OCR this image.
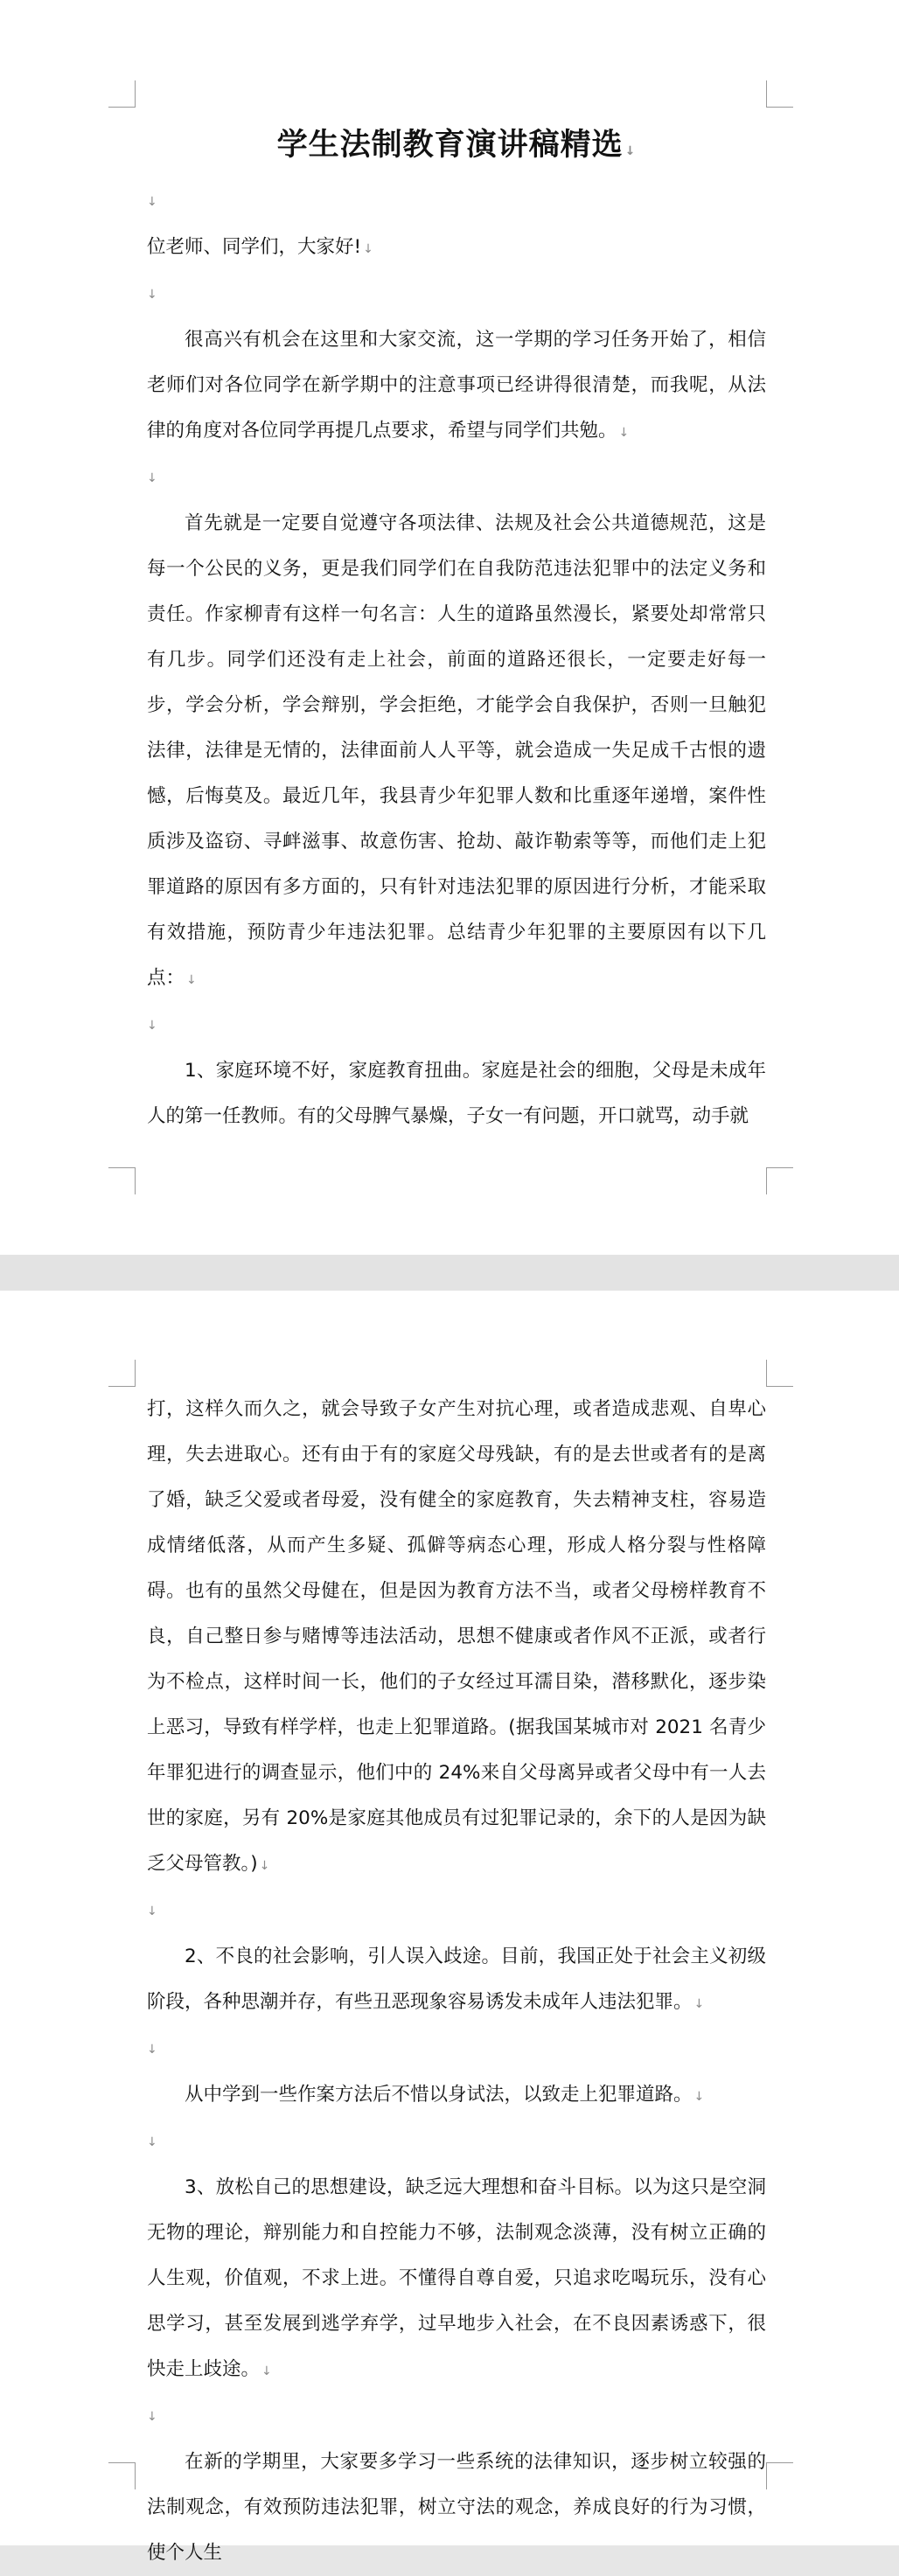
学生法制教育演讲稿精选 ↓
↓

位老师、同学们，大家好! ↓

↓

很高兴有机会在这里和大家交流，这一学期的学习任务开始了，相信老师们对各位同学在新学期中的注意事项已经讲得很清楚，而我呢，从法律的角度对各位同学再提几点要求，希望与同学们共勉。 ↓

↓

首先就是一定要自觉遵守各项法律、法规及社会公共道德规范，这是每一个公民的义务，更是我们同学们在自我防范违法犯罪中的法定义务和责任。作家柳青有这样一句名言：人生的道路虽然漫长，紧要处却常常只有几步。同学们还没有走上社会，前面的道路还很长，一定要走好每一步，学会分析，学会辩别，学会拒绝，才能学会自我保护，否则一旦触犯法律，法律是无情的，法律面前人人平等，就会造成一失足成千古恨的遗憾，后悔莫及。最近几年，我县青少年犯罪人数和比重逐年递增，案件性质涉及盗窃、寻衅滋事、故意伤害、抢劫、敲诈勒索等等，而他们走上犯罪道路的原因有多方面的，只有针对违法犯罪的原因进行分析，才能采取有效措施，预防青少年违法犯罪。总结青少年犯罪的主要原因有以下几点： ↓

↓

1、家庭环境不好，家庭教育扭曲。家庭是社会的细胞，父母是未成年人的第一任教师。有的父母脾气暴燥，子女一有问题，开口就骂，动手就
打，这样久而久之，就会导致子女产生对抗心理，或者造成悲观、自卑心理，失去进取心。还有由于有的家庭父母残缺，有的是去世或者有的是离了婚，缺乏父爱或者母爱，没有健全的家庭教育，失去精神支柱，容易造成情绪低落，从而产生多疑、孤僻等病态心理，形成人格分裂与性格障碍。也有的虽然父母健在，但是因为教育方法不当，或者父母榜样教育不良，自己整日参与赌博等违法活动，思想不健康或者作风不正派，或者行为不检点，这样时间一长，他们的子女经过耳濡目染，潜移默化，逐步染上恶习，导致有样学样，也走上犯罪道路。(据我国某城市对 2021 名青少年罪犯进行的调查显示，他们中的 24%来自父母离异或者父母中有一人去世的家庭，另有 20%是家庭其他成员有过犯罪记录的，余下的人是因为缺乏父母管教。) ↓

↓

2、不良的社会影响，引人误入歧途。目前，我国正处于社会主义初级阶段，各种思潮并存，有些丑恶现象容易诱发未成年人违法犯罪。 ↓

↓

从中学到一些作案方法后不惜以身试法，以致走上犯罪道路。 ↓

↓

3、放松自己的思想建设，缺乏远大理想和奋斗目标。以为这只是空洞无物的理论，辩别能力和自控能力不够，法制观念淡薄，没有树立正确的人生观，价值观，不求上进。不懂得自尊自爱，只追求吃喝玩乐，没有心思学习，甚至发展到逃学弃学，过早地步入社会，在不良因素诱惑下，很快走上歧途。 ↓

↓

在新的学期里，大家要多学习一些系统的法律知识，逐步树立较强的法制观念，有效预防违法犯罪，树立守法的观念，养成良好的行为习惯，使个人生
